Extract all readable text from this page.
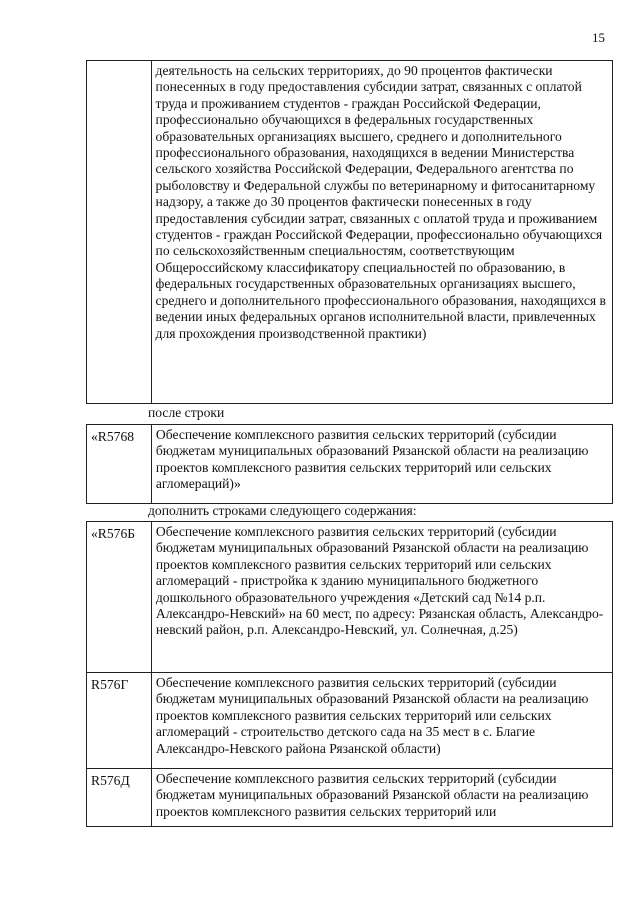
15
	деятельность на сельских территориях, до 90 процентов фактически понесенных в году предоставления субсидии затрат, связанных с оплатой труда и проживанием студентов - граждан Российской Федерации, профессионально обучающихся в федеральных государственных образовательных организациях высшего, среднего и дополнительного профессионального образования, находящихся в ведении Министерства сельского хозяйства Российской Федерации, Федерального агентства по рыболовству и Федеральной службы по ветеринарному и фитосанитарному надзору, а также до 30 процентов фактически понесенных в году предоставления субсидии затрат, связанных с оплатой труда и проживанием студентов - граждан Российской Федерации, профессионально обучающихся по сельскохозяйственным специальностям, соответствующим Общероссийскому классификатору специальностей по образованию, в федеральных государственных образовательных организациях высшего, среднего и дополнительного профессионального образования, находящихся в ведении иных федеральных органов исполнительной власти, привлеченных для прохождения производственной практики)
после строки
«R5768	Обеспечение комплексного развития сельских территорий (субсидии бюджетам муниципальных образований Рязанской области на реализацию проектов комплексного развития сельских территорий или сельских агломераций)»
дополнить строками следующего содержания:
«R576Б	Обеспечение комплексного развития сельских территорий (субсидии бюджетам муниципальных образований Рязанской области на реализацию проектов комплексного развития сельских территорий или сельских агломераций - пристройка к зданию муниципального бюджетного дошкольного образовательного учреждения «Детский сад №14 р.п. Александро-Невский» на 60 мест, по адресу: Рязанская область, Александро-невский район, р.п. Александро-Невский, ул. Солнечная, д.25)
R576Г	Обеспечение комплексного развития сельских территорий (субсидии бюджетам муниципальных образований Рязанской области на реализацию проектов комплексного развития сельских территорий или сельских агломераций - строительство детского сада на 35 мест в с. Благие Александро-Невского района Рязанской области)
R576Д	Обеспечение комплексного развития сельских территорий (субсидии бюджетам муниципальных образований Рязанской области на реализацию проектов комплексного развития сельских территорий или
